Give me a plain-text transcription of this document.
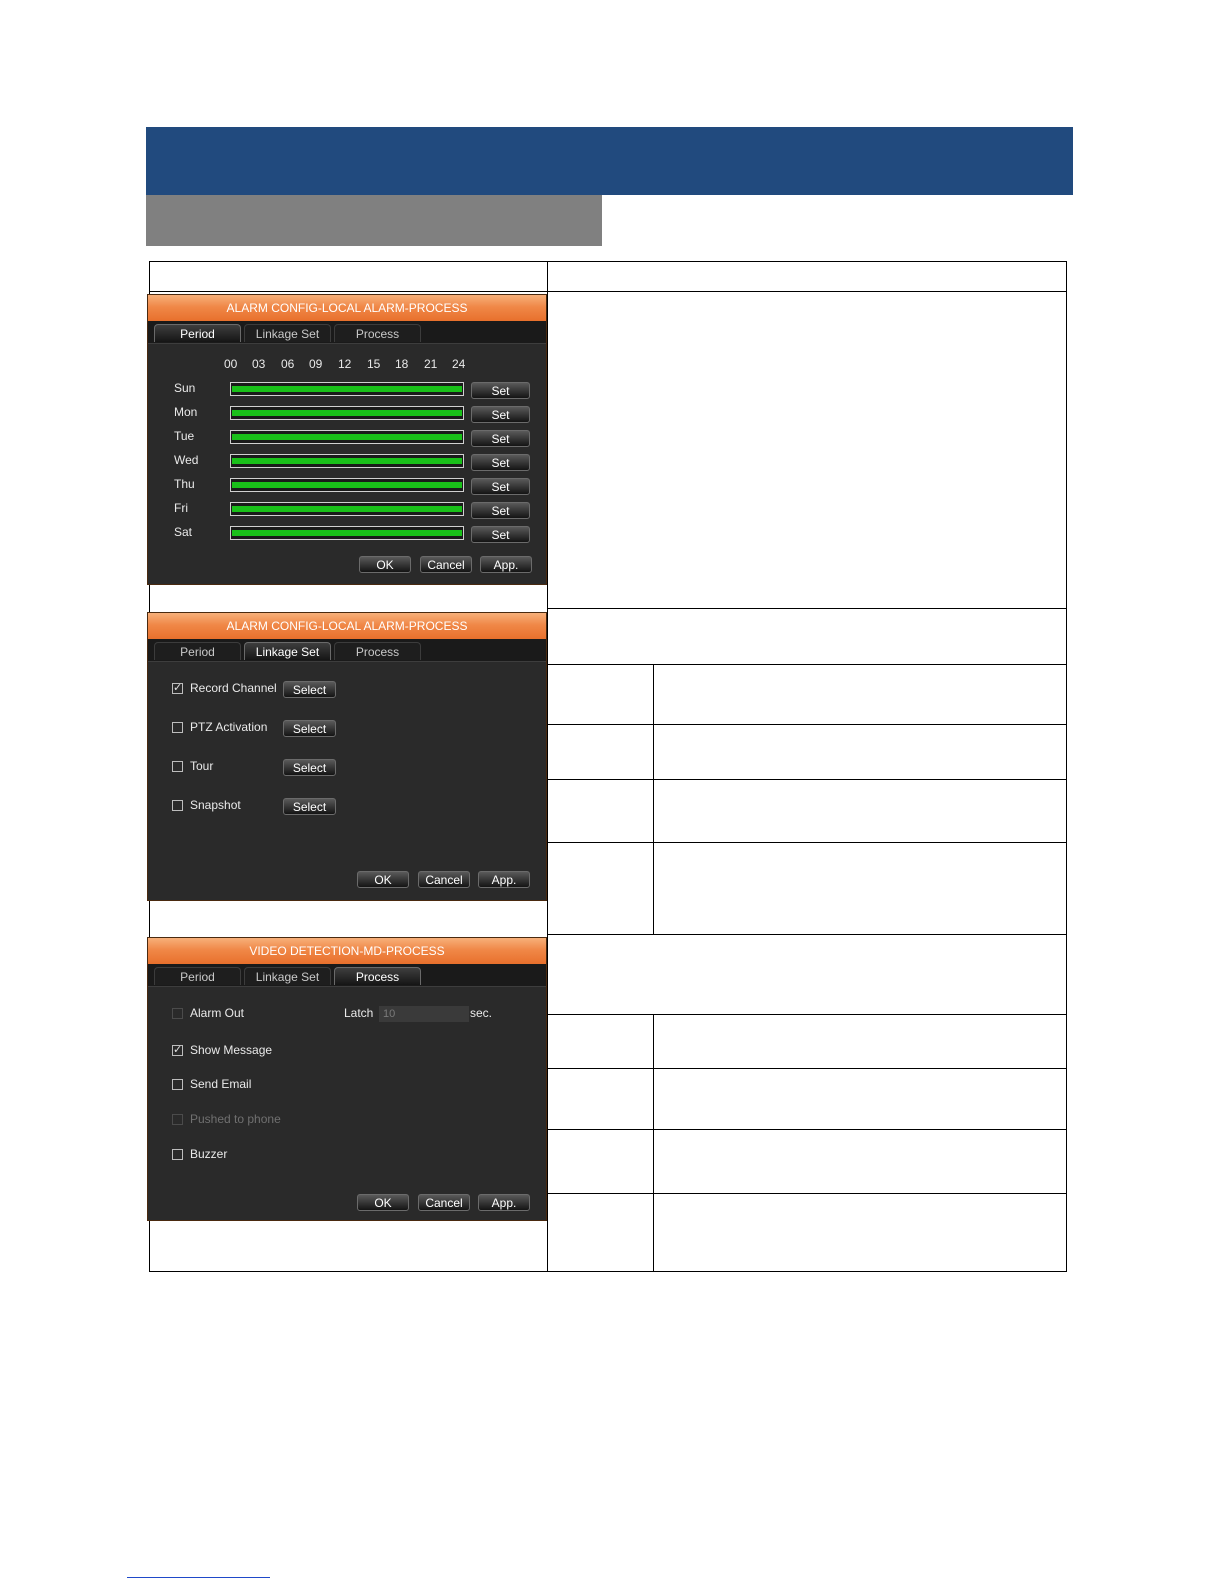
ALARM CONFIG-LOCAL ALARM-PROCESS
Period	Linkage Set	Process
00 03 06 09 12 15 18 21 24
Sun	Set
Mon	Set
Tue	Set
Wed	Set
Thu	Set
Fri	Set
Sat	Set
OK	Cancel	App.
ALARM CONFIG-LOCAL ALARM-PROCESS
Period	Linkage Set	Process
✓ Record Channel	Select
PTZ Activation	Select
Tour	Select
Snapshot	Select
OK	Cancel	App.
VIDEO DETECTION-MD-PROCESS
Period	Linkage Set	Process
Alarm Out	Latch 10	sec.
✓ Show Message
Send Email
Pushed to phone
Buzzer
OK	Cancel	App.
